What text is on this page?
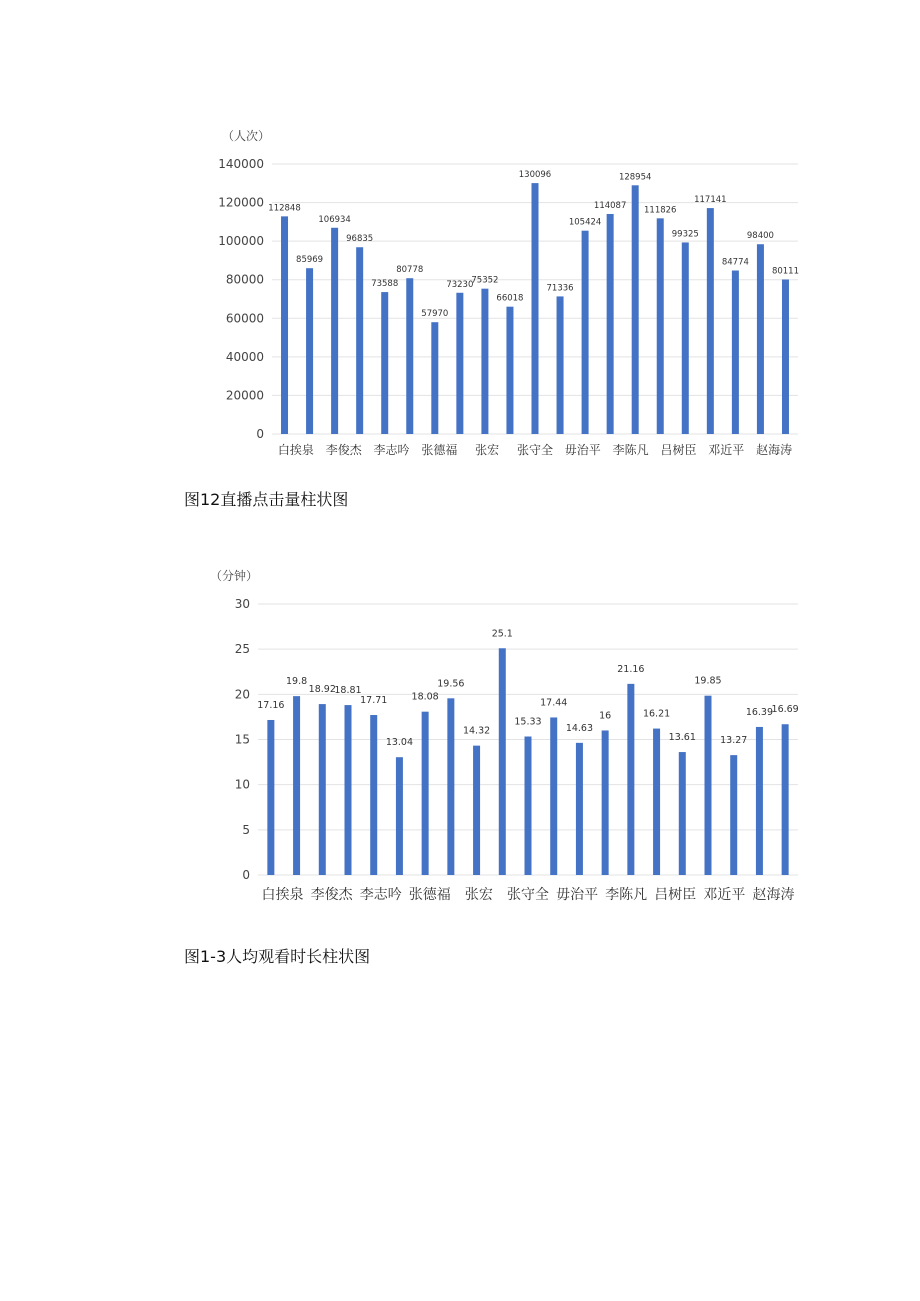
（人次）
0
20000
40000
60000
80000
100000
120000
140000
112848
85969
106934
96835
73588
80778
57970
73230
75352
66018
130096
71336
105424
114087
128954
111826
99325
117141
84774
98400
80111
白挨泉 李俊杰 李志吟 张德福 张宏 张守全 毋治平 李陈凡 吕树臣 邓近平 赵海涛
图12直播点击量柱状图
（分钟）
0
5
10
15
20
25
30
17.16
19.8
18.92
18.81
17.71
13.04
18.08
19.56
14.32
25.1
15.33
17.44
14.63
16
21.16
16.21
13.61
19.85
13.27
16.39
16.69
白挨泉 李俊杰 李志吟 张德福 张宏 张守全 毋治平 李陈凡 吕树臣 邓近平 赵海涛
图1-3人均观看时长柱状图
